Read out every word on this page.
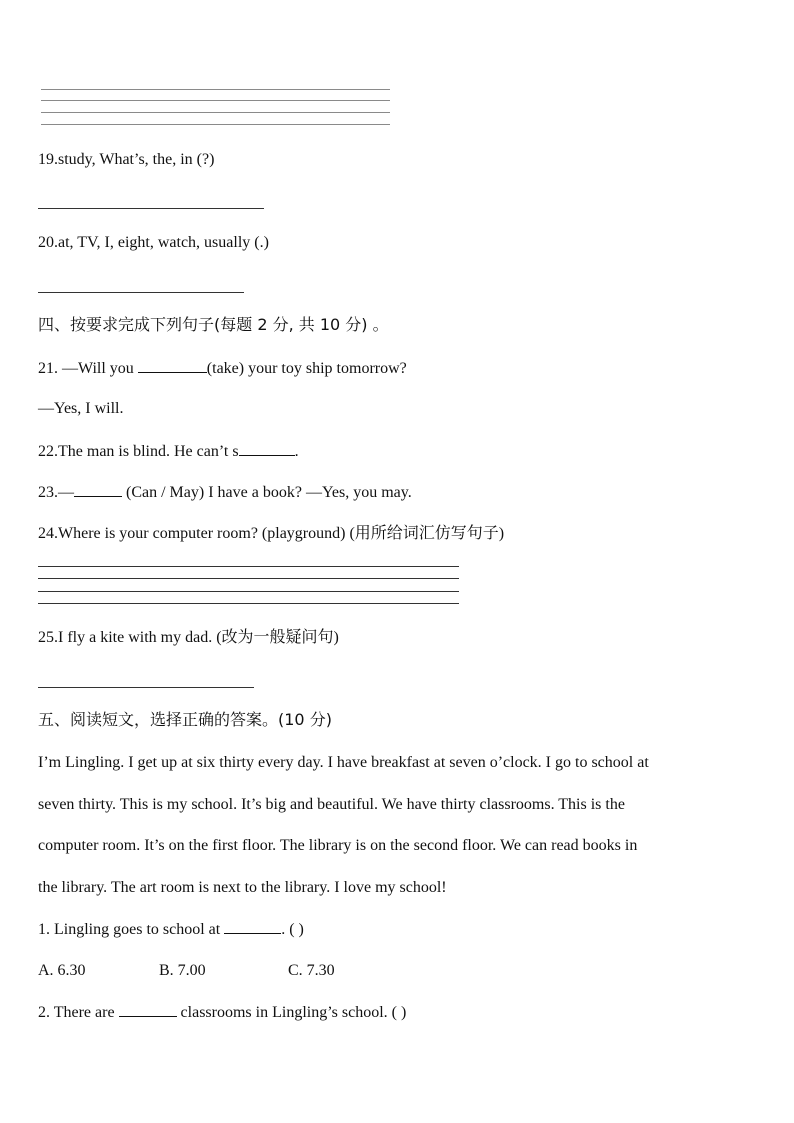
19.study, What’s, the, in (?)
20.at, TV, I, eight, watch, usually (.)
四、按要求完成下列句子(每题 2 分, 共 10 分) 。
21. —Will you	(take) your toy ship tomorrow?
—Yes, I will.
22.The man is blind. He can’t s	.
23.—	(Can / May) I have a book? —Yes, you may.
24.Where is your computer room? (playground) (用所给词汇仿写句子)
25.I fly a kite with my dad. (改为一般疑问句)
五、阅读短文，选择正确的答案。(10 分)
I’m Lingling. I get up at six thirty every day. I have breakfast at seven o’clock. I go to school at
seven thirty. This is my school. It’s big and beautiful. We have thirty classrooms. This is the
computer room. It’s on the first floor. The library is on the second floor. We can read books in
the library. The art room is next to the library. I love my school!
1. Lingling goes to school at	. ( )
A. 6.30	B. 7.00	C. 7.30
2. There are	classrooms in Lingling’s school. ( )
